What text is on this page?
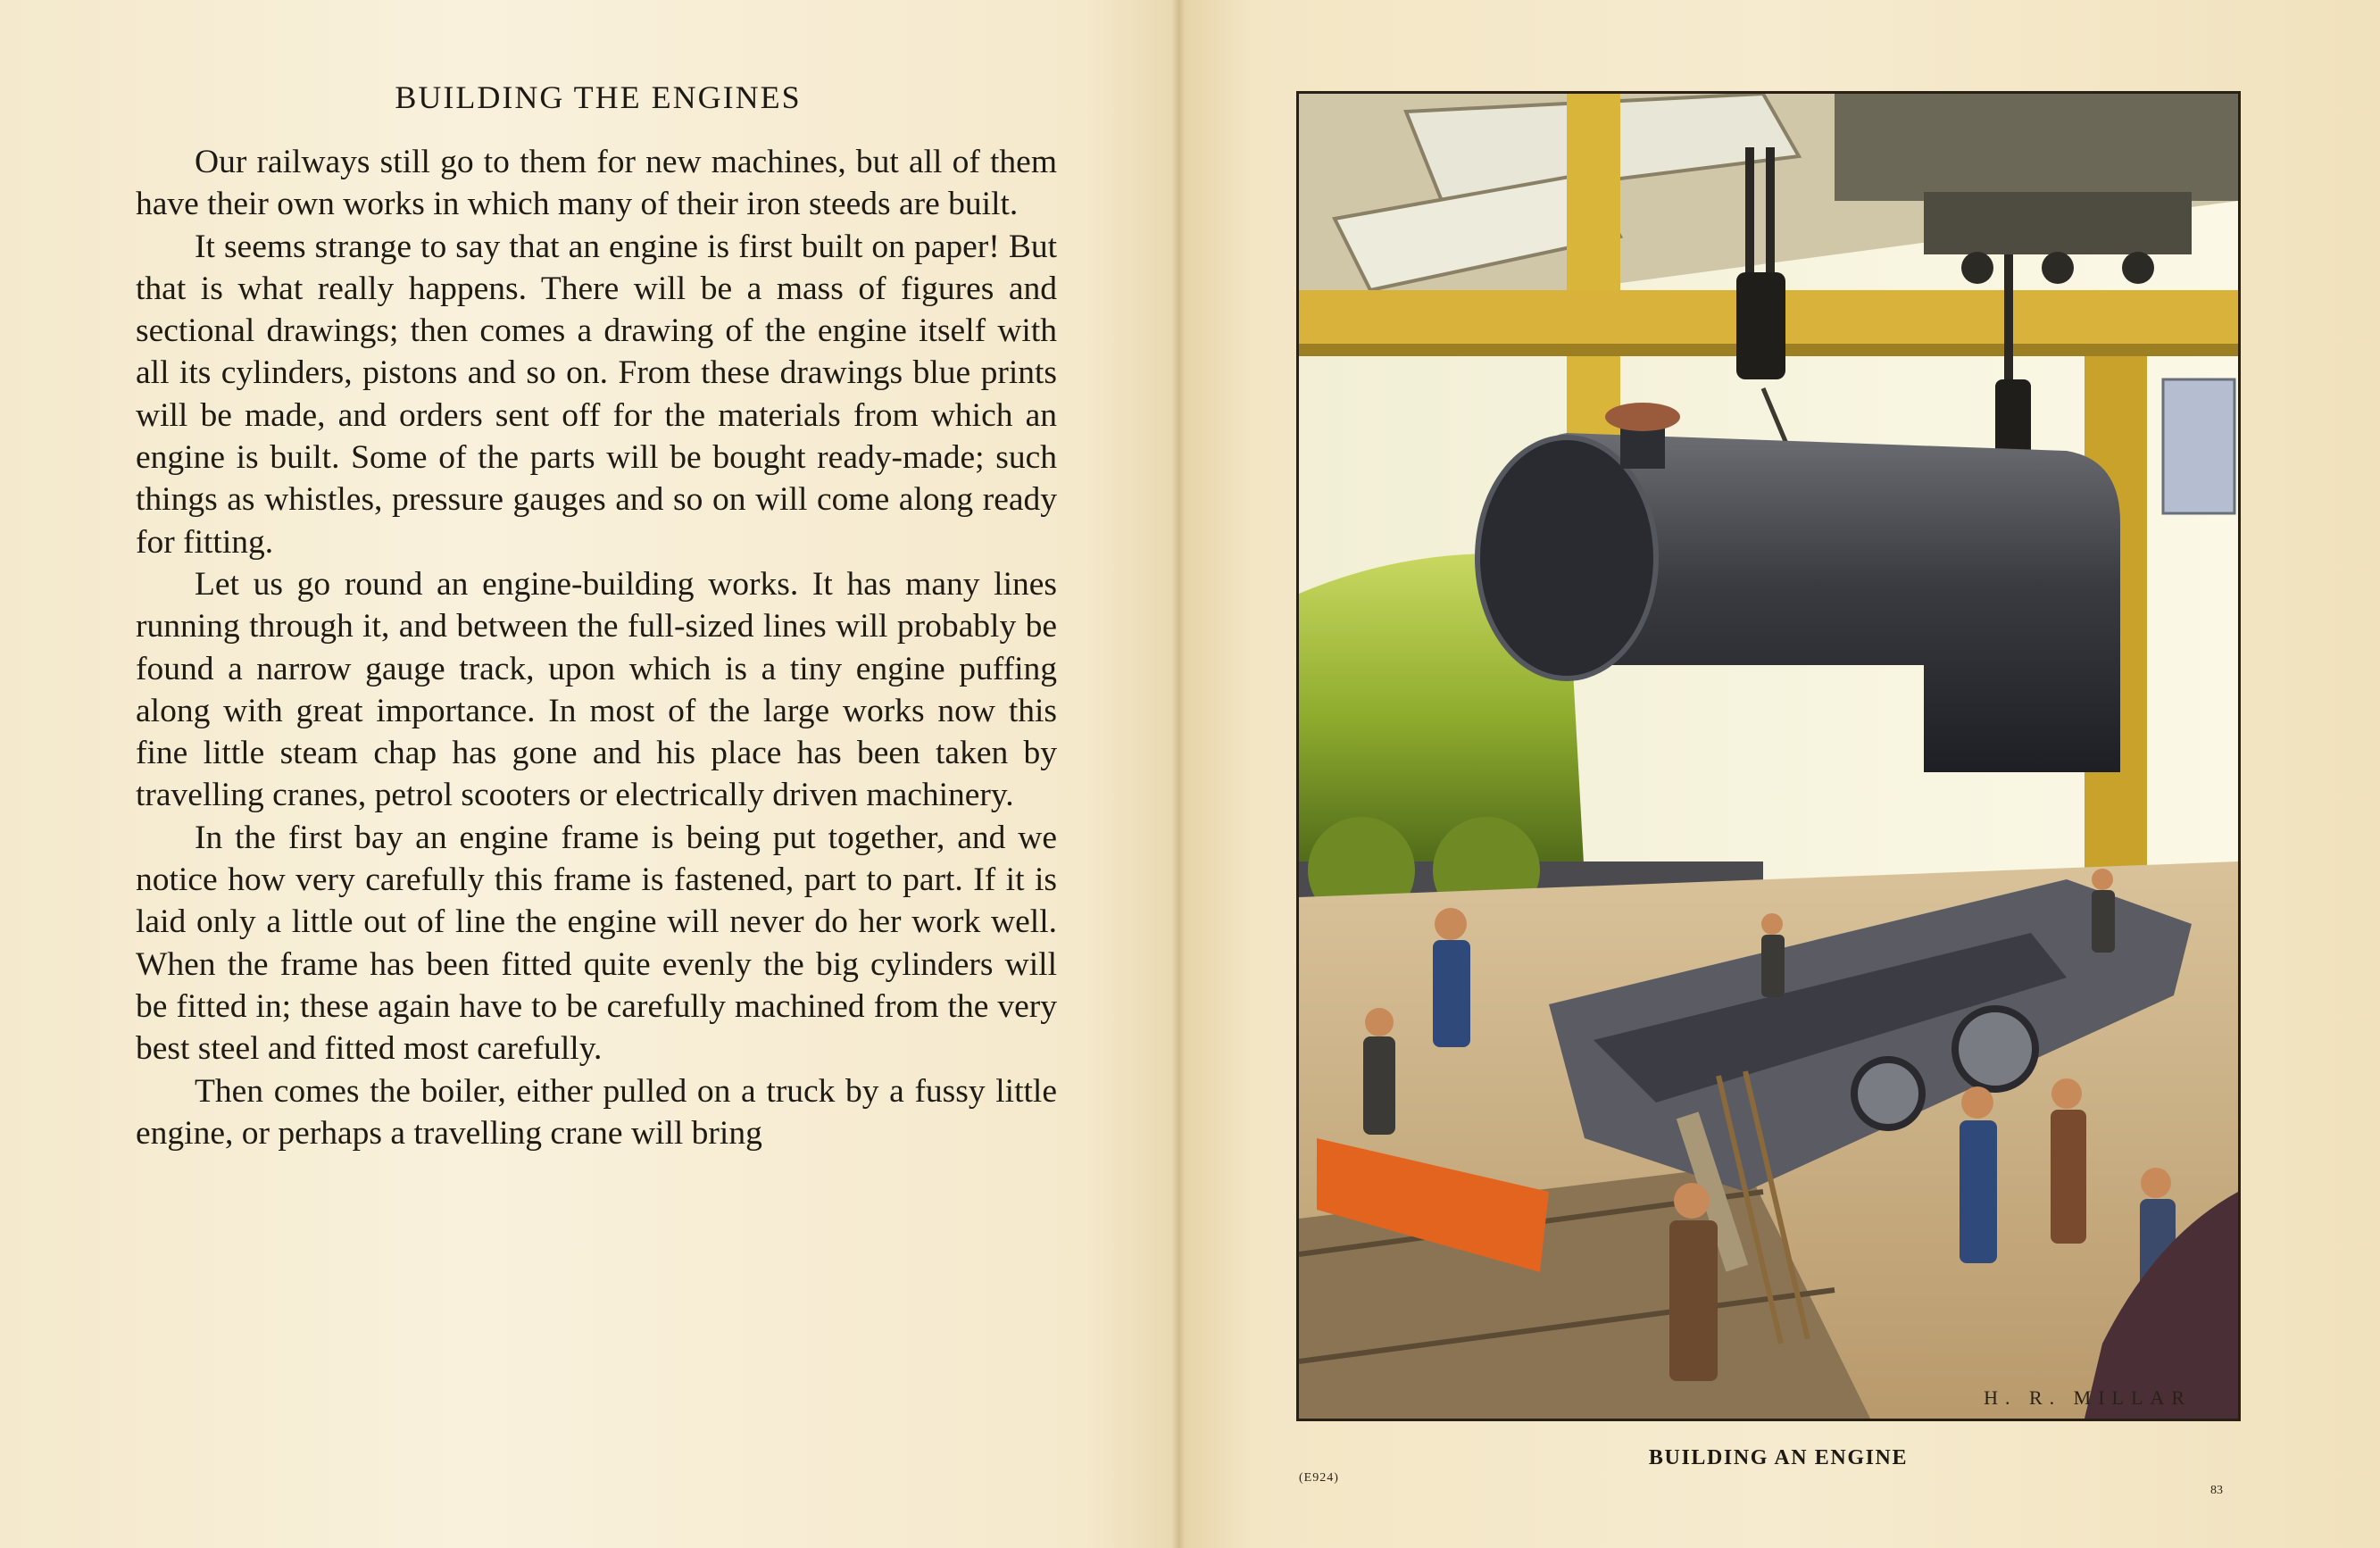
BUILDING THE ENGINES

Our railways still go to them for new machines, but all of them have their own works in which many of their iron steeds are built.

It seems strange to say that an engine is first built on paper! But that is what really happens. There will be a mass of figures and sectional drawings; then comes a drawing of the engine itself with all its cylinders, pistons and so on. From these drawings blue prints will be made, and orders sent off for the materials from which an engine is built. Some of the parts will be bought ready-made; such things as whistles, pressure gauges and so on will come along ready for fitting.

Let us go round an engine-building works. It has many lines running through it, and between the full-sized lines will probably be found a narrow gauge track, upon which is a tiny engine puffing along with great importance. In most of the large works now this fine little steam chap has gone and his place has been taken by travelling cranes, petrol scooters or electrically driven machinery.

In the first bay an engine frame is being put together, and we notice how very carefully this frame is fastened, part to part. If it is laid only a little out of line the engine will never do her work well. When the frame has been fitted quite evenly the big cylinders will be fitted in; these again have to be carefully machined from the very best steel and fitted most carefully.

Then comes the boiler, either pulled on a truck by a fussy little engine, or perhaps a travelling crane will bring

H. R. MILLAR

BUILDING AN ENGINE

(E924)
83
